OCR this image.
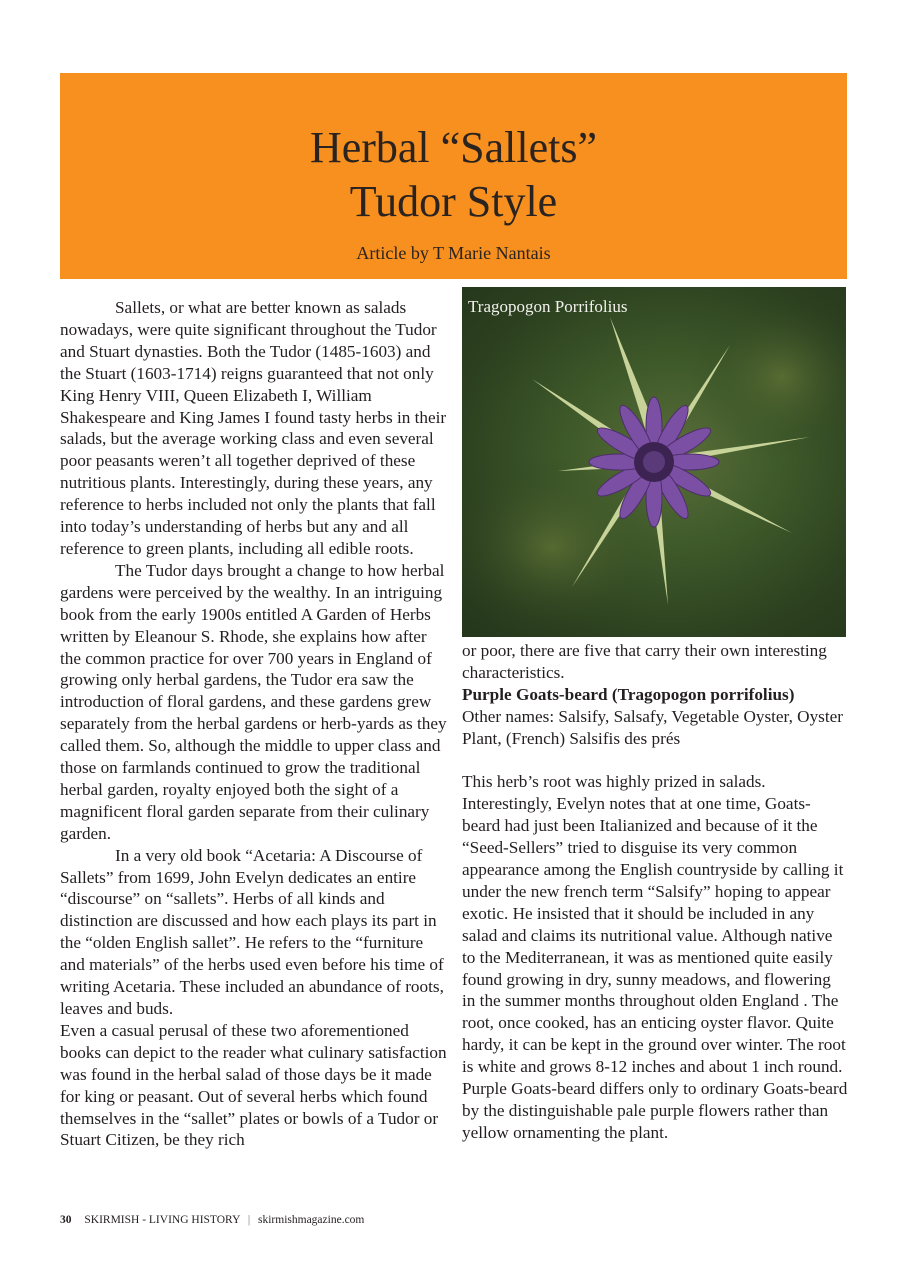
Herbal “Sallets”
Tudor Style
Article by T Marie Nantais

Sallets, or what are better known as salads nowadays, were quite significant throughout the Tudor and Stuart dynasties. Both the Tudor (1485-1603) and the Stuart (1603-1714) reigns guaranteed that not only King Henry VIII, Queen Elizabeth I, William Shakespeare and King James I found tasty herbs in their salads, but the average working class and even several poor peasants weren’t all together deprived of these nutritious plants. Interestingly, during these years, any reference to herbs included not only the plants that fall into today’s understanding of herbs but any and all reference to green plants, including all edible roots.

The Tudor days brought a change to how herbal gardens were perceived by the wealthy. In an intriguing book from the early 1900s entitled A Garden of Herbs written by Eleanour S. Rhode, she explains how after the common practice for over 700 years in England of growing only herbal gardens, the Tudor era saw the introduction of floral gardens, and these gardens grew separately from the herbal gardens or herb-yards as they called them. So, although the middle to upper class and those on farmlands continued to grow the traditional herbal garden, royalty enjoyed both the sight of a magnificent floral garden separate from their culinary garden.

In a very old book “Acetaria: A Discourse of Sallets” from 1699, John Evelyn dedicates an entire “discourse” on “sallets”. Herbs of all kinds and distinction are discussed and how each plays its part in the “olden English sallet”. He refers to the “furniture and materials” of the herbs used even before his time of writing Acetaria. These included an abundance of roots, leaves and buds.

Even a casual perusal of these two aforementioned books can depict to the reader what culinary satisfaction was found in the herbal salad of those days be it made for king or peasant. Out of several herbs which found themselves in the “sallet” plates or bowls of a Tudor or Stuart Citizen, be they rich

Tragopogon Porrifolius

or poor, there are five that carry their own interesting characteristics.

Purple Goats-beard (Tragopogon porrifolius)

Other names: Salsify, Salsafy, Vegetable Oyster, Oyster Plant, (French) Salsifis des prés

This herb’s root was highly prized in salads. Interestingly, Evelyn notes that at one time, Goats-beard had just been Italianized and because of it the “Seed-Sellers” tried to disguise its very common appearance among the English countryside by calling it under the new french term “Salsify” hoping to appear exotic. He insisted that it should be included in any salad and claims its nutritional value. Although native to the Mediterranean, it was as mentioned quite easily found growing in dry, sunny meadows, and flowering in the summer months throughout olden England . The root, once cooked, has an enticing oyster flavor. Quite hardy, it can be kept in the ground over winter. The root is white and grows 8-12 inches and about 1 inch round.

Purple Goats-beard differs only to ordinary Goats-beard by the distinguishable pale purple flowers rather than yellow ornamenting the plant.

30 SKIRMISH - LIVING HISTORY | skirmishmagazine.com
